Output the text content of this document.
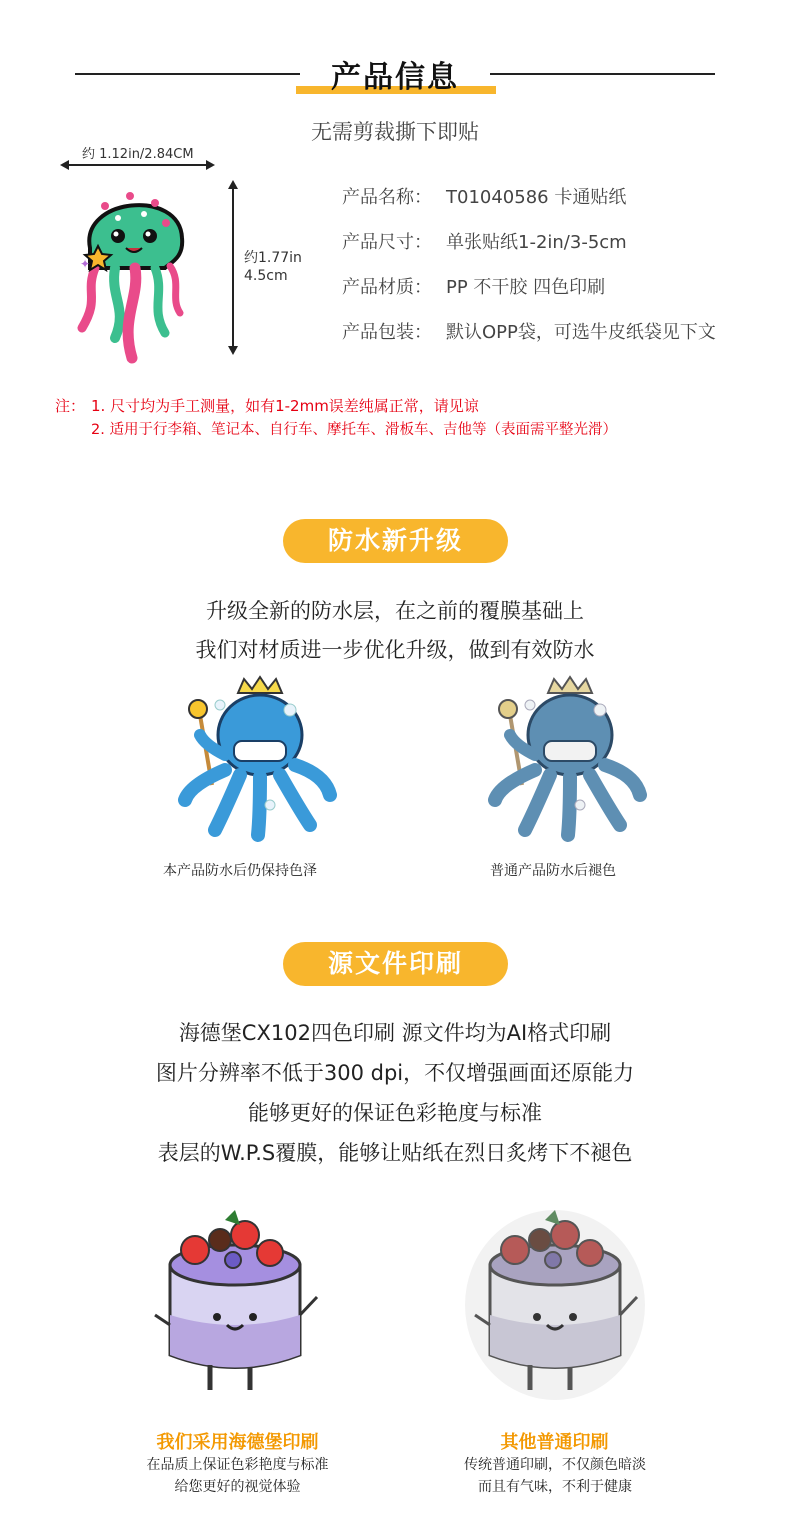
产品信息
无需剪裁撕下即贴
约 1.12in/2.84CM
✦	约1.77in
4.5cm
产品名称： T01040586 卡通贴纸
产品尺寸： 单张贴纸1-2in/3-5cm
产品材质： PP 不干胶 四色印刷
产品包装： 默认OPP袋，可选牛皮纸袋见下文
注： 1. 尺寸均为手工测量，如有1-2mm误差纯属正常，请见谅
2. 适用于行李箱、笔记本、自行车、摩托车、滑板车、吉他等（表面需平整光滑）
防水新升级
升级全新的防水层，在之前的覆膜基础上
我们对材质进一步优化升级，做到有效防水
本产品防水后仍保持色泽	普通产品防水后褪色
源文件印刷
海德堡CX102四色印刷 源文件均为AI格式印刷
图片分辨率不低于300 dpi，不仅增强画面还原能力
能够更好的保证色彩艳度与标准
表层的W.P.S覆膜，能够让贴纸在烈日炙烤下不褪色
我们采用海德堡印刷
在品质上保证色彩艳度与标准
给您更好的视觉体验
其他普通印刷
传统普通印刷，不仅颜色暗淡
而且有气味，不利于健康
